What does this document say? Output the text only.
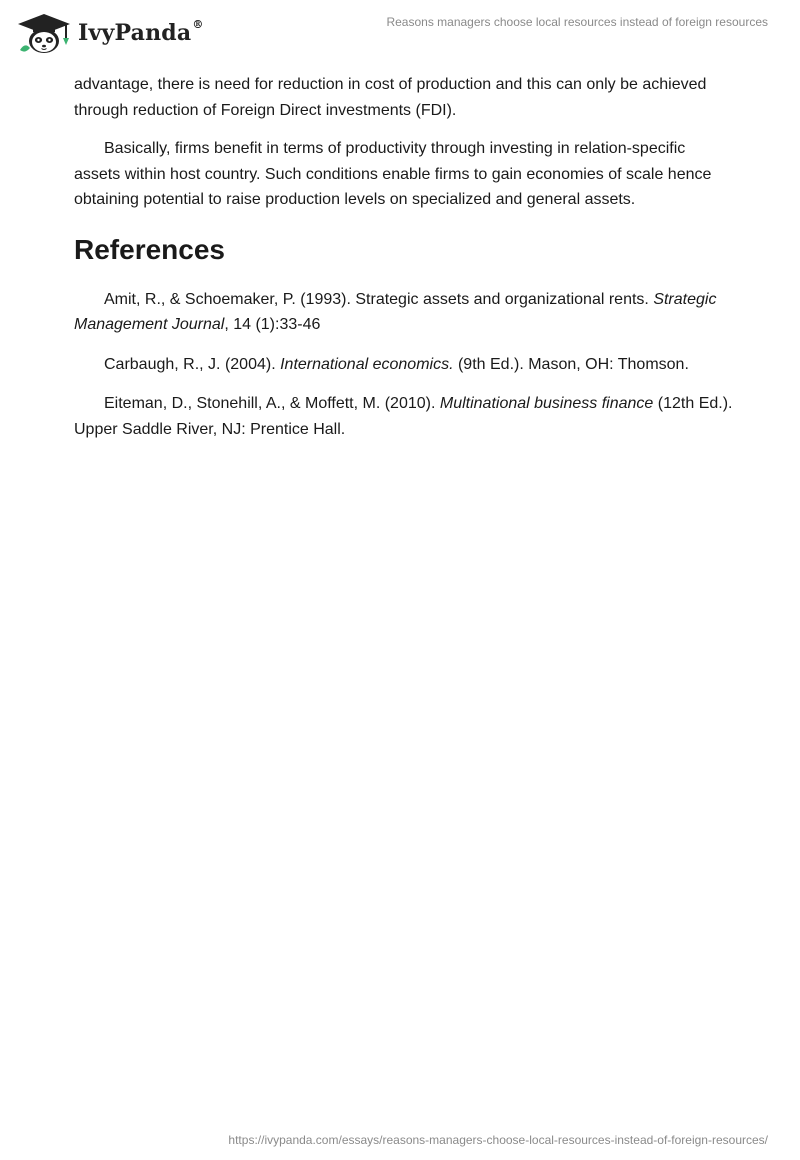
IvyPanda®	Reasons managers choose local resources instead of foreign resources

advantage, there is need for reduction in cost of production and this can only be achieved through reduction of Foreign Direct investments (FDI).

Basically, firms benefit in terms of productivity through investing in relation-specific assets within host country. Such conditions enable firms to gain economies of scale hence obtaining potential to raise production levels on specialized and general assets.

References

Amit, R., & Schoemaker, P. (1993). Strategic assets and organizational rents. Strategic Management Journal, 14 (1):33-46

Carbaugh, R., J. (2004). International economics. (9th Ed.). Mason, OH: Thomson.

Eiteman, D., Stonehill, A., & Moffett, M. (2010). Multinational business finance (12th Ed.). Upper Saddle River, NJ: Prentice Hall.

https://ivypanda.com/essays/reasons-managers-choose-local-resources-instead-of-foreign-resources/
